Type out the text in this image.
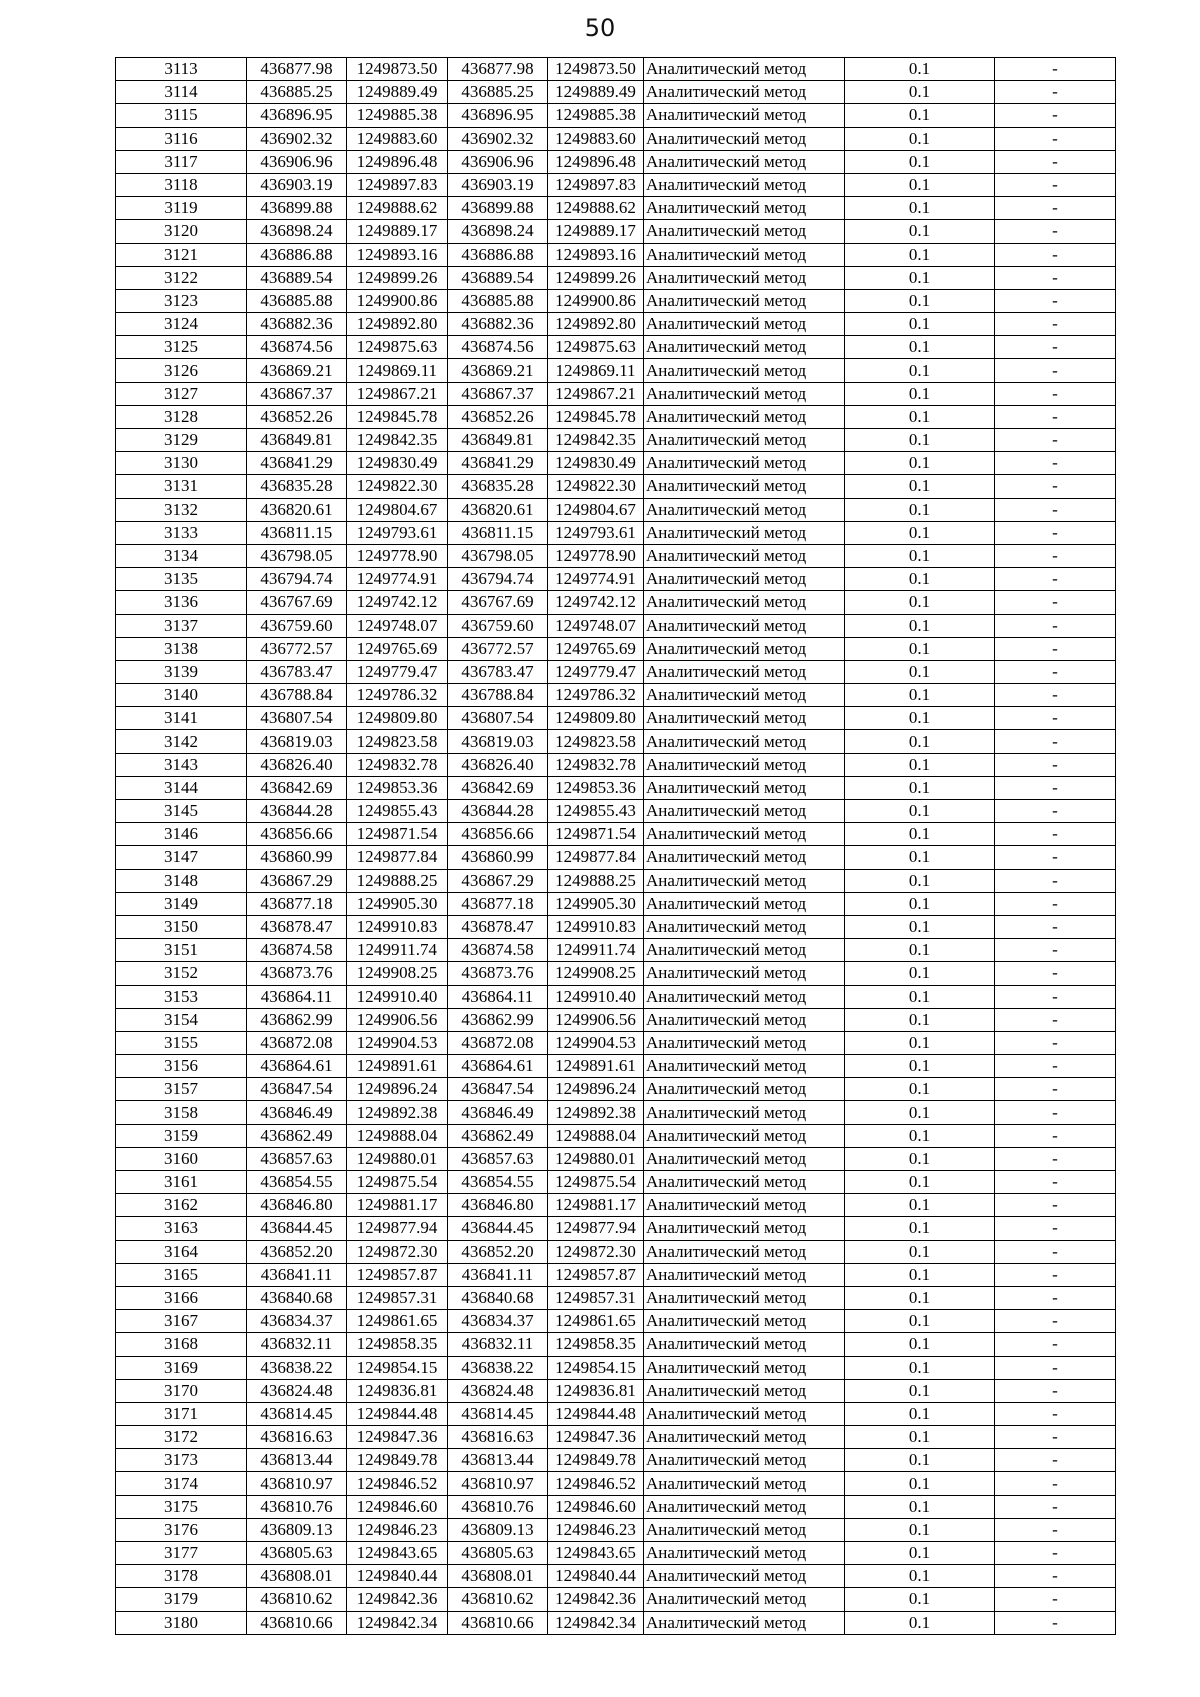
50
3113	436877.98	1249873.50	436877.98	1249873.50	Аналитический метод	0.1	-
3114	436885.25	1249889.49	436885.25	1249889.49	Аналитический метод	0.1	-
3115	436896.95	1249885.38	436896.95	1249885.38	Аналитический метод	0.1	-
3116	436902.32	1249883.60	436902.32	1249883.60	Аналитический метод	0.1	-
3117	436906.96	1249896.48	436906.96	1249896.48	Аналитический метод	0.1	-
3118	436903.19	1249897.83	436903.19	1249897.83	Аналитический метод	0.1	-
3119	436899.88	1249888.62	436899.88	1249888.62	Аналитический метод	0.1	-
3120	436898.24	1249889.17	436898.24	1249889.17	Аналитический метод	0.1	-
3121	436886.88	1249893.16	436886.88	1249893.16	Аналитический метод	0.1	-
3122	436889.54	1249899.26	436889.54	1249899.26	Аналитический метод	0.1	-
3123	436885.88	1249900.86	436885.88	1249900.86	Аналитический метод	0.1	-
3124	436882.36	1249892.80	436882.36	1249892.80	Аналитический метод	0.1	-
3125	436874.56	1249875.63	436874.56	1249875.63	Аналитический метод	0.1	-
3126	436869.21	1249869.11	436869.21	1249869.11	Аналитический метод	0.1	-
3127	436867.37	1249867.21	436867.37	1249867.21	Аналитический метод	0.1	-
3128	436852.26	1249845.78	436852.26	1249845.78	Аналитический метод	0.1	-
3129	436849.81	1249842.35	436849.81	1249842.35	Аналитический метод	0.1	-
3130	436841.29	1249830.49	436841.29	1249830.49	Аналитический метод	0.1	-
3131	436835.28	1249822.30	436835.28	1249822.30	Аналитический метод	0.1	-
3132	436820.61	1249804.67	436820.61	1249804.67	Аналитический метод	0.1	-
3133	436811.15	1249793.61	436811.15	1249793.61	Аналитический метод	0.1	-
3134	436798.05	1249778.90	436798.05	1249778.90	Аналитический метод	0.1	-
3135	436794.74	1249774.91	436794.74	1249774.91	Аналитический метод	0.1	-
3136	436767.69	1249742.12	436767.69	1249742.12	Аналитический метод	0.1	-
3137	436759.60	1249748.07	436759.60	1249748.07	Аналитический метод	0.1	-
3138	436772.57	1249765.69	436772.57	1249765.69	Аналитический метод	0.1	-
3139	436783.47	1249779.47	436783.47	1249779.47	Аналитический метод	0.1	-
3140	436788.84	1249786.32	436788.84	1249786.32	Аналитический метод	0.1	-
3141	436807.54	1249809.80	436807.54	1249809.80	Аналитический метод	0.1	-
3142	436819.03	1249823.58	436819.03	1249823.58	Аналитический метод	0.1	-
3143	436826.40	1249832.78	436826.40	1249832.78	Аналитический метод	0.1	-
3144	436842.69	1249853.36	436842.69	1249853.36	Аналитический метод	0.1	-
3145	436844.28	1249855.43	436844.28	1249855.43	Аналитический метод	0.1	-
3146	436856.66	1249871.54	436856.66	1249871.54	Аналитический метод	0.1	-
3147	436860.99	1249877.84	436860.99	1249877.84	Аналитический метод	0.1	-
3148	436867.29	1249888.25	436867.29	1249888.25	Аналитический метод	0.1	-
3149	436877.18	1249905.30	436877.18	1249905.30	Аналитический метод	0.1	-
3150	436878.47	1249910.83	436878.47	1249910.83	Аналитический метод	0.1	-
3151	436874.58	1249911.74	436874.58	1249911.74	Аналитический метод	0.1	-
3152	436873.76	1249908.25	436873.76	1249908.25	Аналитический метод	0.1	-
3153	436864.11	1249910.40	436864.11	1249910.40	Аналитический метод	0.1	-
3154	436862.99	1249906.56	436862.99	1249906.56	Аналитический метод	0.1	-
3155	436872.08	1249904.53	436872.08	1249904.53	Аналитический метод	0.1	-
3156	436864.61	1249891.61	436864.61	1249891.61	Аналитический метод	0.1	-
3157	436847.54	1249896.24	436847.54	1249896.24	Аналитический метод	0.1	-
3158	436846.49	1249892.38	436846.49	1249892.38	Аналитический метод	0.1	-
3159	436862.49	1249888.04	436862.49	1249888.04	Аналитический метод	0.1	-
3160	436857.63	1249880.01	436857.63	1249880.01	Аналитический метод	0.1	-
3161	436854.55	1249875.54	436854.55	1249875.54	Аналитический метод	0.1	-
3162	436846.80	1249881.17	436846.80	1249881.17	Аналитический метод	0.1	-
3163	436844.45	1249877.94	436844.45	1249877.94	Аналитический метод	0.1	-
3164	436852.20	1249872.30	436852.20	1249872.30	Аналитический метод	0.1	-
3165	436841.11	1249857.87	436841.11	1249857.87	Аналитический метод	0.1	-
3166	436840.68	1249857.31	436840.68	1249857.31	Аналитический метод	0.1	-
3167	436834.37	1249861.65	436834.37	1249861.65	Аналитический метод	0.1	-
3168	436832.11	1249858.35	436832.11	1249858.35	Аналитический метод	0.1	-
3169	436838.22	1249854.15	436838.22	1249854.15	Аналитический метод	0.1	-
3170	436824.48	1249836.81	436824.48	1249836.81	Аналитический метод	0.1	-
3171	436814.45	1249844.48	436814.45	1249844.48	Аналитический метод	0.1	-
3172	436816.63	1249847.36	436816.63	1249847.36	Аналитический метод	0.1	-
3173	436813.44	1249849.78	436813.44	1249849.78	Аналитический метод	0.1	-
3174	436810.97	1249846.52	436810.97	1249846.52	Аналитический метод	0.1	-
3175	436810.76	1249846.60	436810.76	1249846.60	Аналитический метод	0.1	-
3176	436809.13	1249846.23	436809.13	1249846.23	Аналитический метод	0.1	-
3177	436805.63	1249843.65	436805.63	1249843.65	Аналитический метод	0.1	-
3178	436808.01	1249840.44	436808.01	1249840.44	Аналитический метод	0.1	-
3179	436810.62	1249842.36	436810.62	1249842.36	Аналитический метод	0.1	-
3180	436810.66	1249842.34	436810.66	1249842.34	Аналитический метод	0.1	-
